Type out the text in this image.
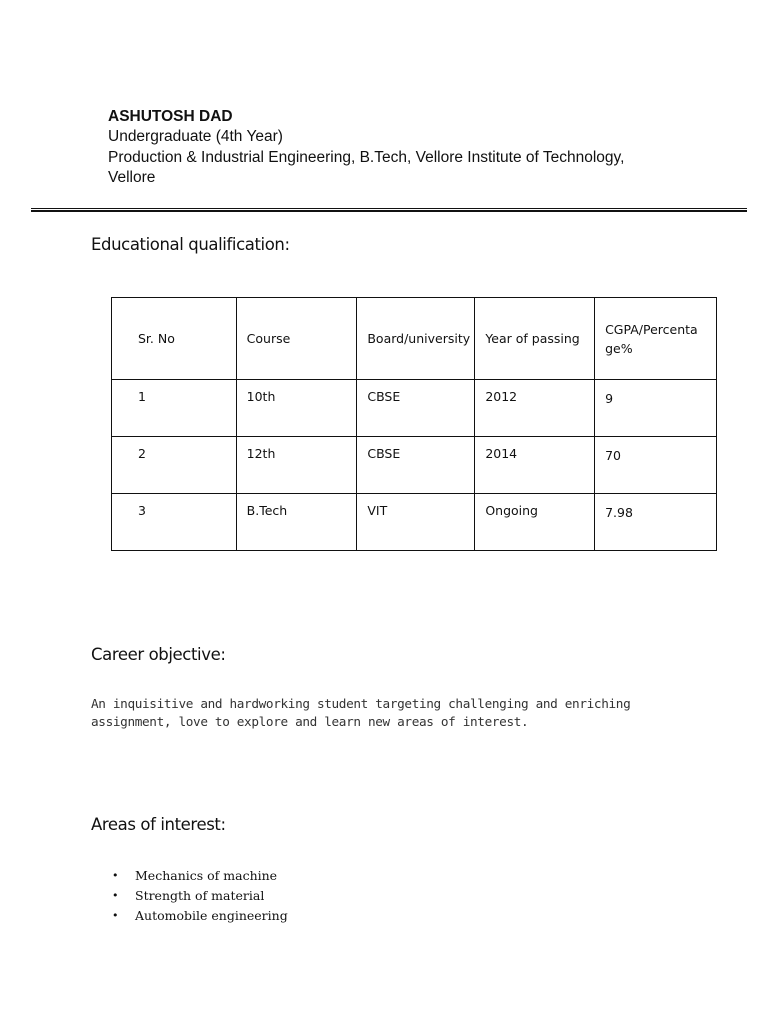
ASHUTOSH DAD

Undergraduate (4th Year)

Production & Industrial Engineering, B.Tech, Vellore Institute of Technology,

Vellore

Educational qualification:
Sr. No	Course	Board/university	Year of passing	CGPA/Percenta ge%
1	10th	CBSE	2012	9
2	12th	CBSE	2014	70
3	B.Tech	VIT	Ongoing	7.98
Career objective:

An inquisitive and hardworking student targeting challenging and enriching assignment, love to explore and learn new areas of interest.

Areas of interest:
• Mechanics of machine
• Strength of material
• Automobile engineering
